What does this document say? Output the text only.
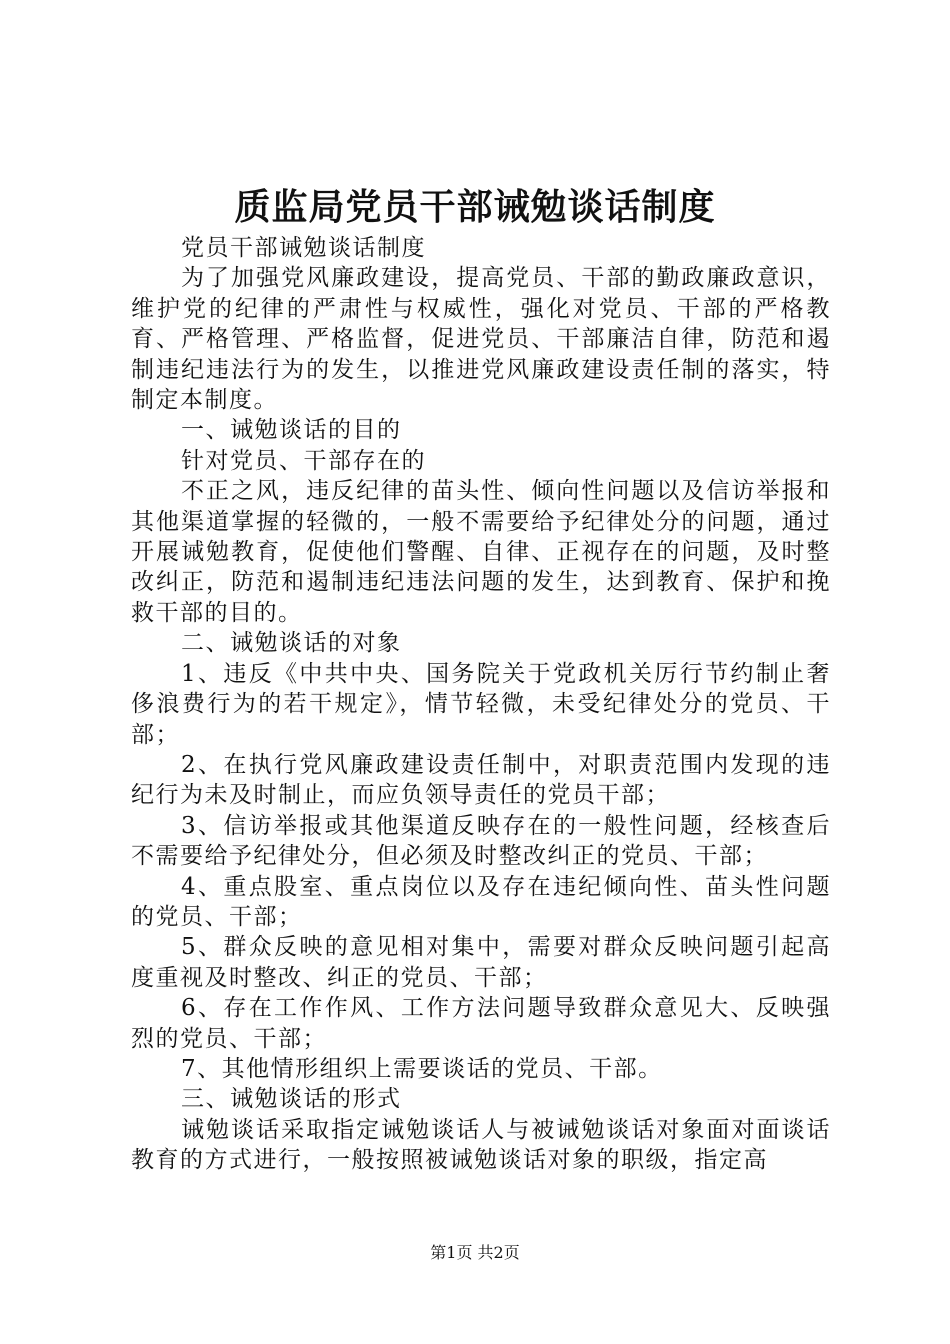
质监局党员干部诫勉谈话制度

党员干部诫勉谈话制度

为了加强党风廉政建设，提高党员、干部的勤政廉政意识，维护党的纪律的严肃性与权威性，强化对党员、干部的严格教育、严格管理、严格监督，促进党员、干部廉洁自律，防范和遏制违纪违法行为的发生，以推进党风廉政建设责任制的落实，特制定本制度。

一、诫勉谈话的目的

针对党员、干部存在的

不正之风，违反纪律的苗头性、倾向性问题以及信访举报和其他渠道掌握的轻微的，一般不需要给予纪律处分的问题，通过开展诫勉教育，促使他们警醒、自律、正视存在的问题，及时整改纠正，防范和遏制违纪违法问题的发生，达到教育、保护和挽救干部的目的。

二、诫勉谈话的对象

1、违反《中共中央、国务院关于党政机关厉行节约制止奢侈浪费行为的若干规定》，情节轻微，未受纪律处分的党员、干部；

2、在执行党风廉政建设责任制中，对职责范围内发现的违纪行为未及时制止，而应负领导责任的党员干部；

3、信访举报或其他渠道反映存在的一般性问题，经核查后不需要给予纪律处分，但必须及时整改纠正的党员、干部；

4、重点股室、重点岗位以及存在违纪倾向性、苗头性问题的党员、干部；

5、群众反映的意见相对集中，需要对群众反映问题引起高度重视及时整改、纠正的党员、干部；

6、存在工作作风、工作方法问题导致群众意见大、反映强烈的党员、干部；

7、其他情形组织上需要谈话的党员、干部。

三、诫勉谈话的形式

诫勉谈话采取指定诫勉谈话人与被诫勉谈话对象面对面谈话教育的方式进行，一般按照被诫勉谈话对象的职级，指定高

第1页 共2页
